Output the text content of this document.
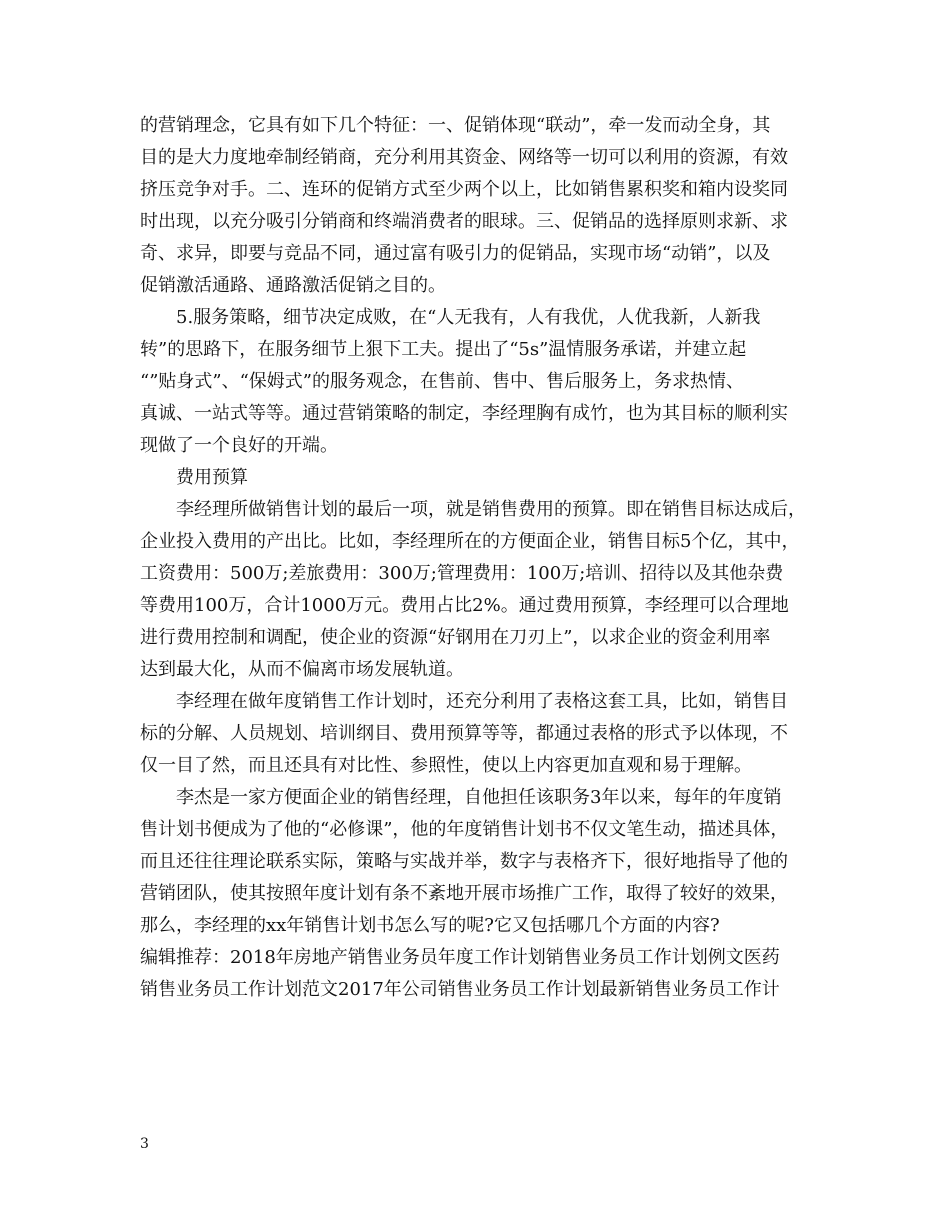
的营销理念，它具有如下几个特征：一、促销体现“联动”，牵一发而动全身，其
目的是大力度地牵制经销商，充分利用其资金、网络等一切可以利用的资源，有效
挤压竞争对手。二、连环的促销方式至少两个以上，比如销售累积奖和箱内设奖同
时出现，以充分吸引分销商和终端消费者的眼球。三、促销品的选择原则求新、求
奇、求异，即要与竞品不同，通过富有吸引力的促销品，实现市场“动销”，以及
促销激活通路、通路激活促销之目的。
5.服务策略，细节决定成败，在“人无我有，人有我优，人优我新，人新我
转”的思路下，在服务细节上狠下工夫。提出了“5s”温情服务承诺，并建立起
“”贴身式”、“保姆式”的服务观念，在售前、售中、售后服务上，务求热情、
真诚、一站式等等。通过营销策略的制定，李经理胸有成竹，也为其目标的顺利实
现做了一个良好的开端。
费用预算
李经理所做销售计划的最后一项，就是销售费用的预算。即在销售目标达成后，
企业投入费用的产出比。比如，李经理所在的方便面企业，销售目标5个亿，其中，
工资费用：500万;差旅费用：300万;管理费用：100万;培训、招待以及其他杂费
等费用100万，合计1000万元。费用占比2%。通过费用预算，李经理可以合理地
进行费用控制和调配，使企业的资源“好钢用在刀刃上”，以求企业的资金利用率
达到最大化，从而不偏离市场发展轨道。
李经理在做年度销售工作计划时，还充分利用了表格这套工具，比如，销售目
标的分解、人员规划、培训纲目、费用预算等等，都通过表格的形式予以体现，不
仅一目了然，而且还具有对比性、参照性，使以上内容更加直观和易于理解。
李杰是一家方便面企业的销售经理，自他担任该职务3年以来，每年的年度销
售计划书便成为了他的“必修课”，他的年度销售计划书不仅文笔生动，描述具体，
而且还往往理论联系实际，策略与实战并举，数字与表格齐下，很好地指导了他的
营销团队，使其按照年度计划有条不紊地开展市场推广工作，取得了较好的效果，
那么，李经理的xx年销售计划书怎么写的呢?它又包括哪几个方面的内容?
编辑推荐：2018年房地产销售业务员年度工作计划销售业务员工作计划例文医药
销售业务员工作计划范文2017年公司销售业务员工作计划最新销售业务员工作计
3
